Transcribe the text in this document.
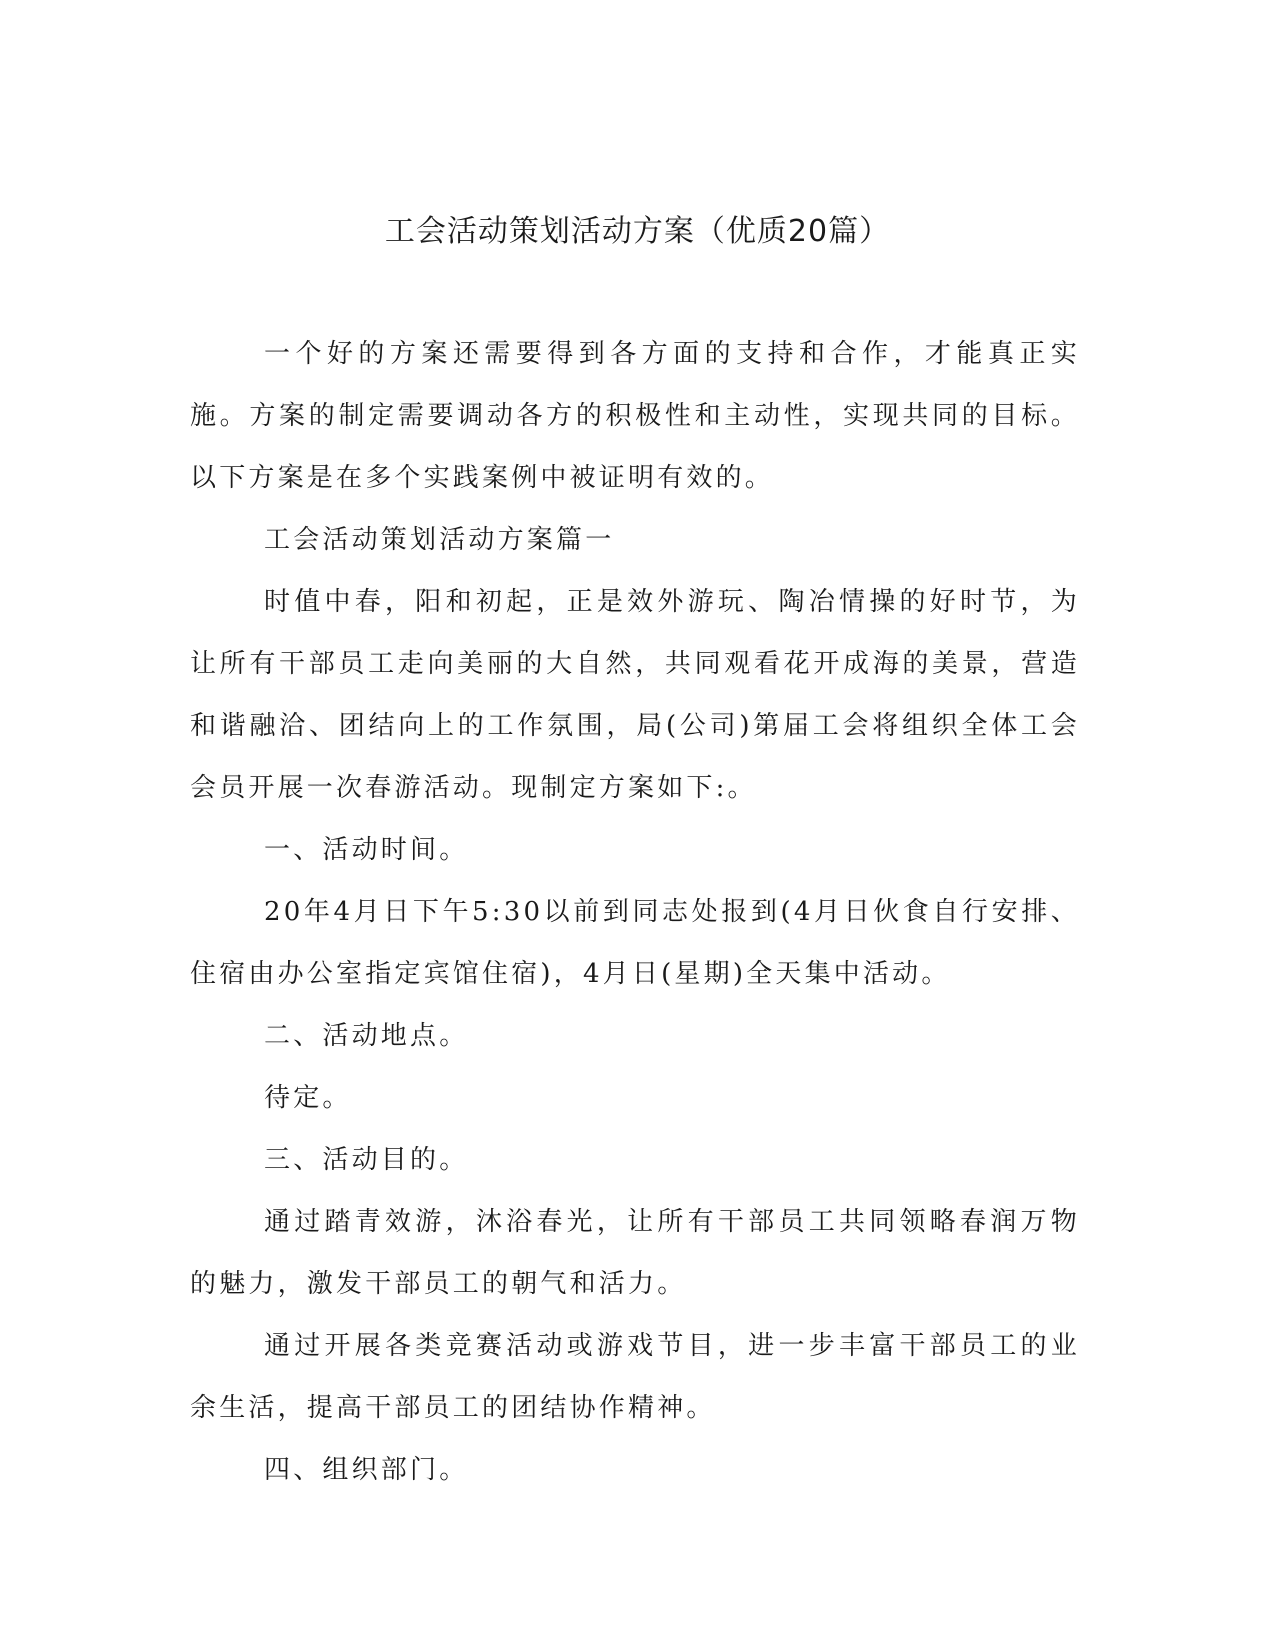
工会活动策划活动方案（优质20篇）

一个好的方案还需要得到各方面的支持和合作，才能真正实施。方案的制定需要调动各方的积极性和主动性，实现共同的目标。以下方案是在多个实践案例中被证明有效的。

工会活动策划活动方案篇一

时值中春，阳和初起，正是效外游玩、陶冶情操的好时节，为让所有干部员工走向美丽的大自然，共同观看花开成海的美景，营造和谐融洽、团结向上的工作氛围，局(公司)第届工会将组织全体工会会员开展一次春游活动。现制定方案如下:。

一、活动时间。

20年4月日下午5:30以前到同志处报到(4月日伙食自行安排、住宿由办公室指定宾馆住宿)，4月日(星期)全天集中活动。

二、活动地点。

待定。

三、活动目的。

通过踏青效游，沐浴春光，让所有干部员工共同领略春润万物的魅力，激发干部员工的朝气和活力。

通过开展各类竞赛活动或游戏节目，进一步丰富干部员工的业余生活，提高干部员工的团结协作精神。

四、组织部门。
